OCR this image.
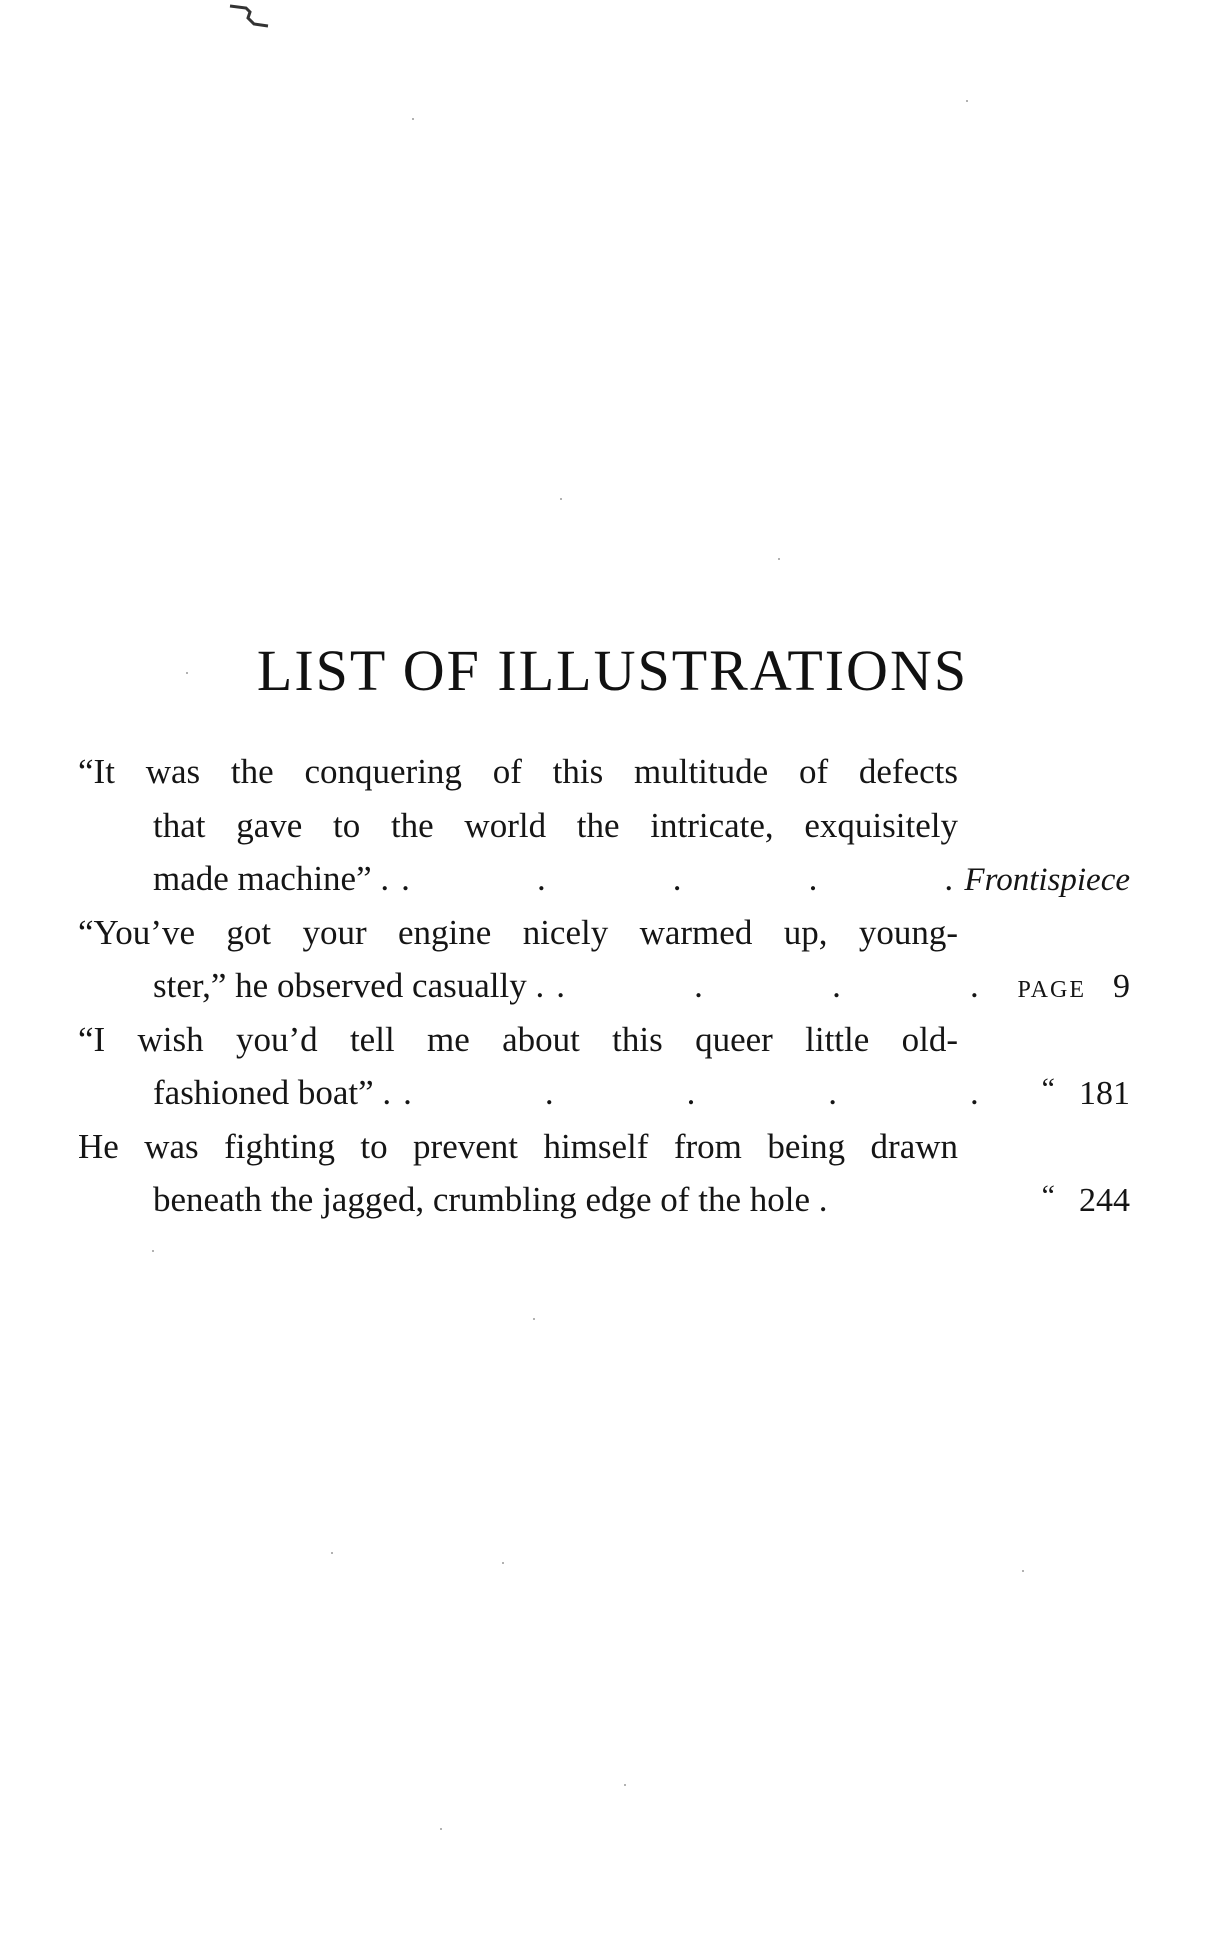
LIST OF ILLUSTRATIONS
“It was the conquering of this multitude of defects
that gave to the world the intricate, exquisitely
made machine” . .	.	.	.	. Frontispiece
“You’ve got your engine nicely warmed up, young-
ster,” he observed casually . .	.	.	. PAGE 9
“I wish you’d tell me about this queer little old-
fashioned boat” . .	.	.	.	. “ 181
He was fighting to prevent himself from being drawn
beneath the jagged, crumbling edge of the hole .	“ 244
